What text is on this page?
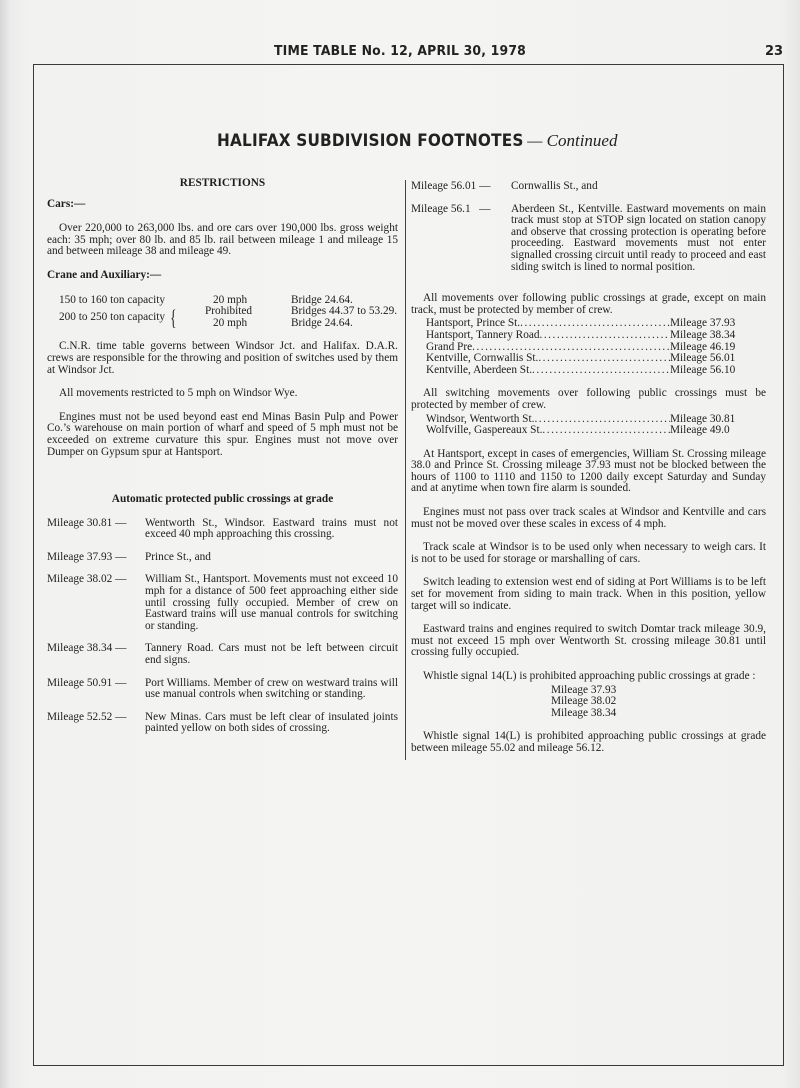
TIME TABLE No. 12, APRIL 30, 1978	23
HALIFAX SUBDIVISION FOOTNOTES — Continued
RESTRICTIONS
Cars:—

Over 220,000 to 263,000 lbs. and ore cars over 190,000 lbs. gross weight each: 35 mph; over 80 lb. and 85 lb. rail between mileage 1 and mileage 15 and between mileage 38 and mileage 49.

Crane and Auxiliary:—
150 to 160 ton capacity	20 mph	Bridge 24.64.
200 to 250 ton capacity {	Prohibited	Bridges 44.37 to 53.29.
20 mph	Bridge 24.64.

C.N.R. time table governs between Windsor Jct. and Halifax. D.A.R. crews are responsible for the throwing and position of switches used by them at Windsor Jct.

All movements restricted to 5 mph on Windsor Wye.

Engines must not be used beyond east end Minas Basin Pulp and Power Co.’s warehouse on main portion of wharf and speed of 5 mph must not be exceeded on extreme curvature this spur. Engines must not move over Dumper on Gypsum spur at Hantsport.

Automatic protected public crossings at grade
Mileage 30.81 —	Wentworth St., Windsor. Eastward trains must not exceed 40 mph approaching this crossing.
Mileage 37.93 —	Prince St., and
Mileage 38.02 —	William St., Hantsport. Movements must not exceed 10 mph for a distance of 500 feet approaching either side until crossing fully occupied. Member of crew on Eastward trains will use manual controls for switching or standing.
Mileage 38.34 —	Tannery Road. Cars must not be left between circuit end signs.
Mileage 50.91 —	Port Williams. Member of crew on westward trains will use manual controls when switching or standing.
Mileage 52.52 —	New Minas. Cars must be left clear of insulated joints painted yellow on both sides of crossing.
Mileage 56.01 —	Cornwallis St., and
Mileage 56.1   —	Aberdeen St., Kentville. Eastward movements on main track must stop at STOP sign located on station canopy and observe that crossing protection is operating before proceeding. Eastward movements must not enter signalled crossing circuit until ready to proceed and east siding switch is lined to normal position.

All movements over following public crossings at grade, except on main track, must be protected by member of crew.

Hantsport, Prince St. .....	Mileage 37.93
Hantsport, Tannery Road .....	Mileage 38.34
Grand Pre .....	Mileage 46.19
Kentville, Cornwallis St. .....	Mileage 56.01
Kentville, Aberdeen St. .....	Mileage 56.10

All switching movements over following public crossings must be protected by member of crew.

Windsor, Wentworth St. .....	Mileage 30.81
Wolfville, Gaspereaux St. .....	Mileage 49.0

At Hantsport, except in cases of emergencies, William St. Crossing mileage 38.0 and Prince St. Crossing mileage 37.93 must not be blocked between the hours of 1100 to 1110 and 1150 to 1200 daily except Saturday and Sunday and at anytime when town fire alarm is sounded.

Engines must not pass over track scales at Windsor and Kentville and cars must not be moved over these scales in excess of 4 mph.

Track scale at Windsor is to be used only when necessary to weigh cars. It is not to be used for storage or marshalling of cars.

Switch leading to extension west end of siding at Port Williams is to be left set for movement from siding to main track. When in this position, yellow target will so indicate.

Eastward trains and engines required to switch Domtar track mileage 30.9, must not exceed 15 mph over Wentworth St. crossing mileage 30.81 until crossing fully occupied.

Whistle signal 14(L) is prohibited approaching public crossings at grade :

Mileage 37.93
Mileage 38.02
Mileage 38.34

Whistle signal 14(L) is prohibited approaching public crossings at grade between mileage 55.02 and mileage 56.12.
